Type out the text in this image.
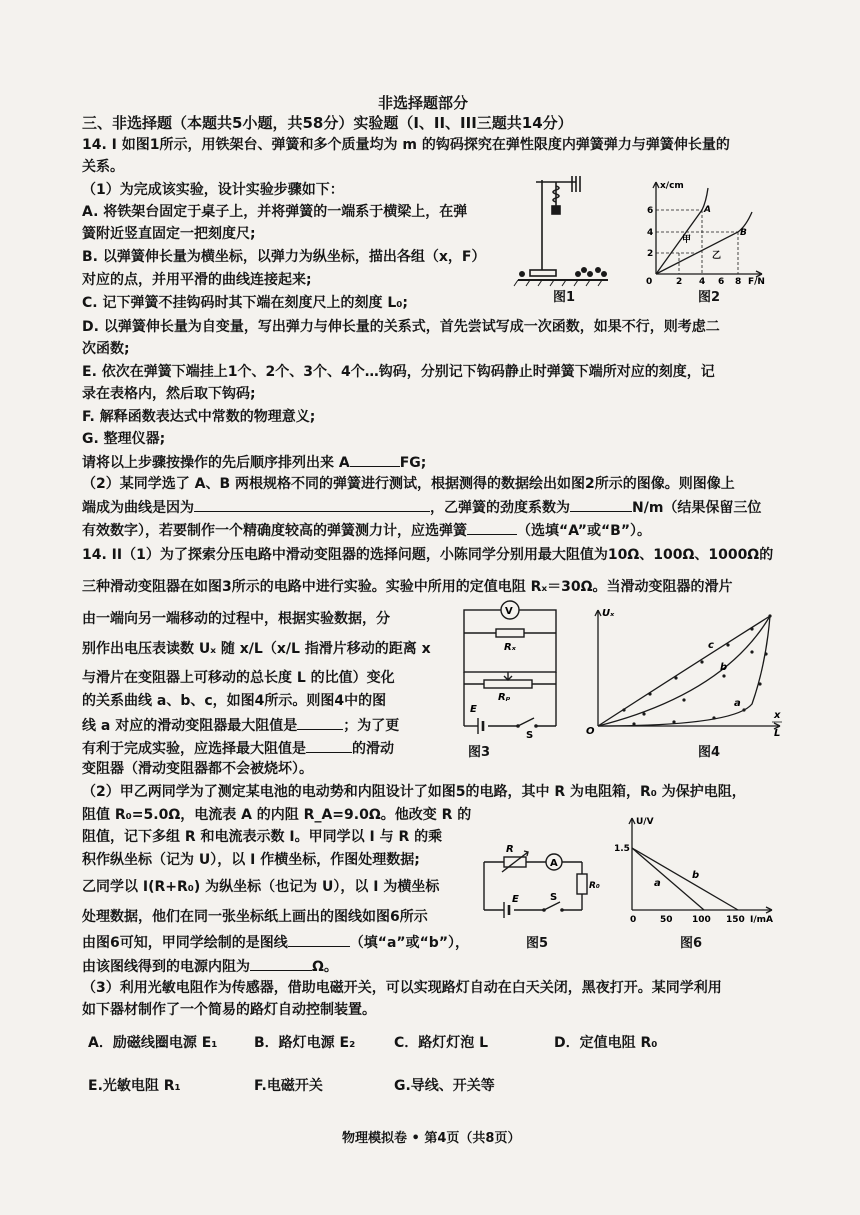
非选择题部分
三、非选择题（本题共5小题，共58分）实验题（I、II、III三题共14分）
14. I 如图1所示，用铁架台、弹簧和多个质量均为 m 的钩码探究在弹性限度内弹簧弹力与弹簧伸长量的
关系。
（1）为完成该实验，设计实验步骤如下：
A. 将铁架台固定于桌子上，并将弹簧的一端系于横梁上，在弹
簧附近竖直固定一把刻度尺;
B. 以弹簧伸长量为横坐标，以弹力为纵坐标，描出各组（x，F）
对应的点，并用平滑的曲线连接起来;
C. 记下弹簧不挂钩码时其下端在刻度尺上的刻度 L₀;
D. 以弹簧伸长量为自变量，写出弹力与伸长量的关系式，首先尝试写成一次函数，如果不行，则考虑二
次函数;
E. 依次在弹簧下端挂上1个、2个、3个、4个…钩码，分别记下钩码静止时弹簧下端所对应的刻度，记
录在表格内，然后取下钩码;
F. 解释函数表达式中常数的物理意义;
G. 整理仪器;
请将以上步骤按操作的先后顺序排列出来 A	FG;
（2）某同学选了 A、B 两根规格不同的弹簧进行测试，根据测得的数据绘出如图2所示的图像。则图像上
端成为曲线是因为	，乙弹簧的劲度系数为	N/m（结果保留三位
有效数字），若要制作一个精确度较高的弹簧测力计，应选弹簧	（选填“A”或“B”）。
图1
x/cm
F/N
0
2
4
6
2 4 6 8
A
B
甲
乙
图2
14. II（1）为了探索分压电路中滑动变阻器的选择问题，小陈同学分别用最大阻值为10Ω、100Ω、1000Ω的
三种滑动变阻器在如图3所示的电路中进行实验。实验中所用的定值电阻 Rₓ＝30Ω。当滑动变阻器的滑片
由一端向另一端移动的过程中，根据实验数据，分
别作出电压表读数 Uₓ 随 x/L（x/L 指滑片移动的距离 x
与滑片在变阻器上可移动的总长度 L 的比值）变化
的关系曲线 a、b、c，如图4所示。则图4中的图
线 a 对应的滑动变阻器最大阻值是	；为了更
有利于完成实验，应选择最大阻值是	的滑动
变阻器（滑动变阻器都不会被烧坏）。
V
Rₓ
Rₚ
E
S
图3
Uₓ
O
x
L
c
b
a
图4
（2）甲乙两同学为了测定某电池的电动势和内阻设计了如图5的电路，其中 R 为电阻箱，R₀ 为保护电阻，
阻值 R₀=5.0Ω，电流表 A 的内阻 R_A=9.0Ω。他改变 R 的
阻值，记下多组 R 和电流表示数 I。甲同学以 I 与 R 的乘
积作纵坐标（记为 U），以 I 作横坐标，作图处理数据;
乙同学以 I(R+R₀) 为纵坐标（也记为 U），以 I 为横坐标
处理数据，他们在同一张坐标纸上画出的图线如图6所示
由图6可知，甲同学绘制的是图线	（填“a”或“b”），
由该图线得到的电源内阻为	Ω。
R
A
R₀
E	S
图5
U/V
1.5
0	50 100 150 I/mA
a
b
图6
（3）利用光敏电阻作为传感器，借助电磁开关，可以实现路灯自动在白天关闭，黑夜打开。某同学利用
如下器材制作了一个简易的路灯自动控制装置。
A．励磁线圈电源 E₁	B．路灯电源 E₂	C．路灯灯泡 L	D．定值电阻 R₀
E.光敏电阻 R₁	F.电磁开关	G.导线、开关等
物理模拟卷 • 第4页（共8页）
